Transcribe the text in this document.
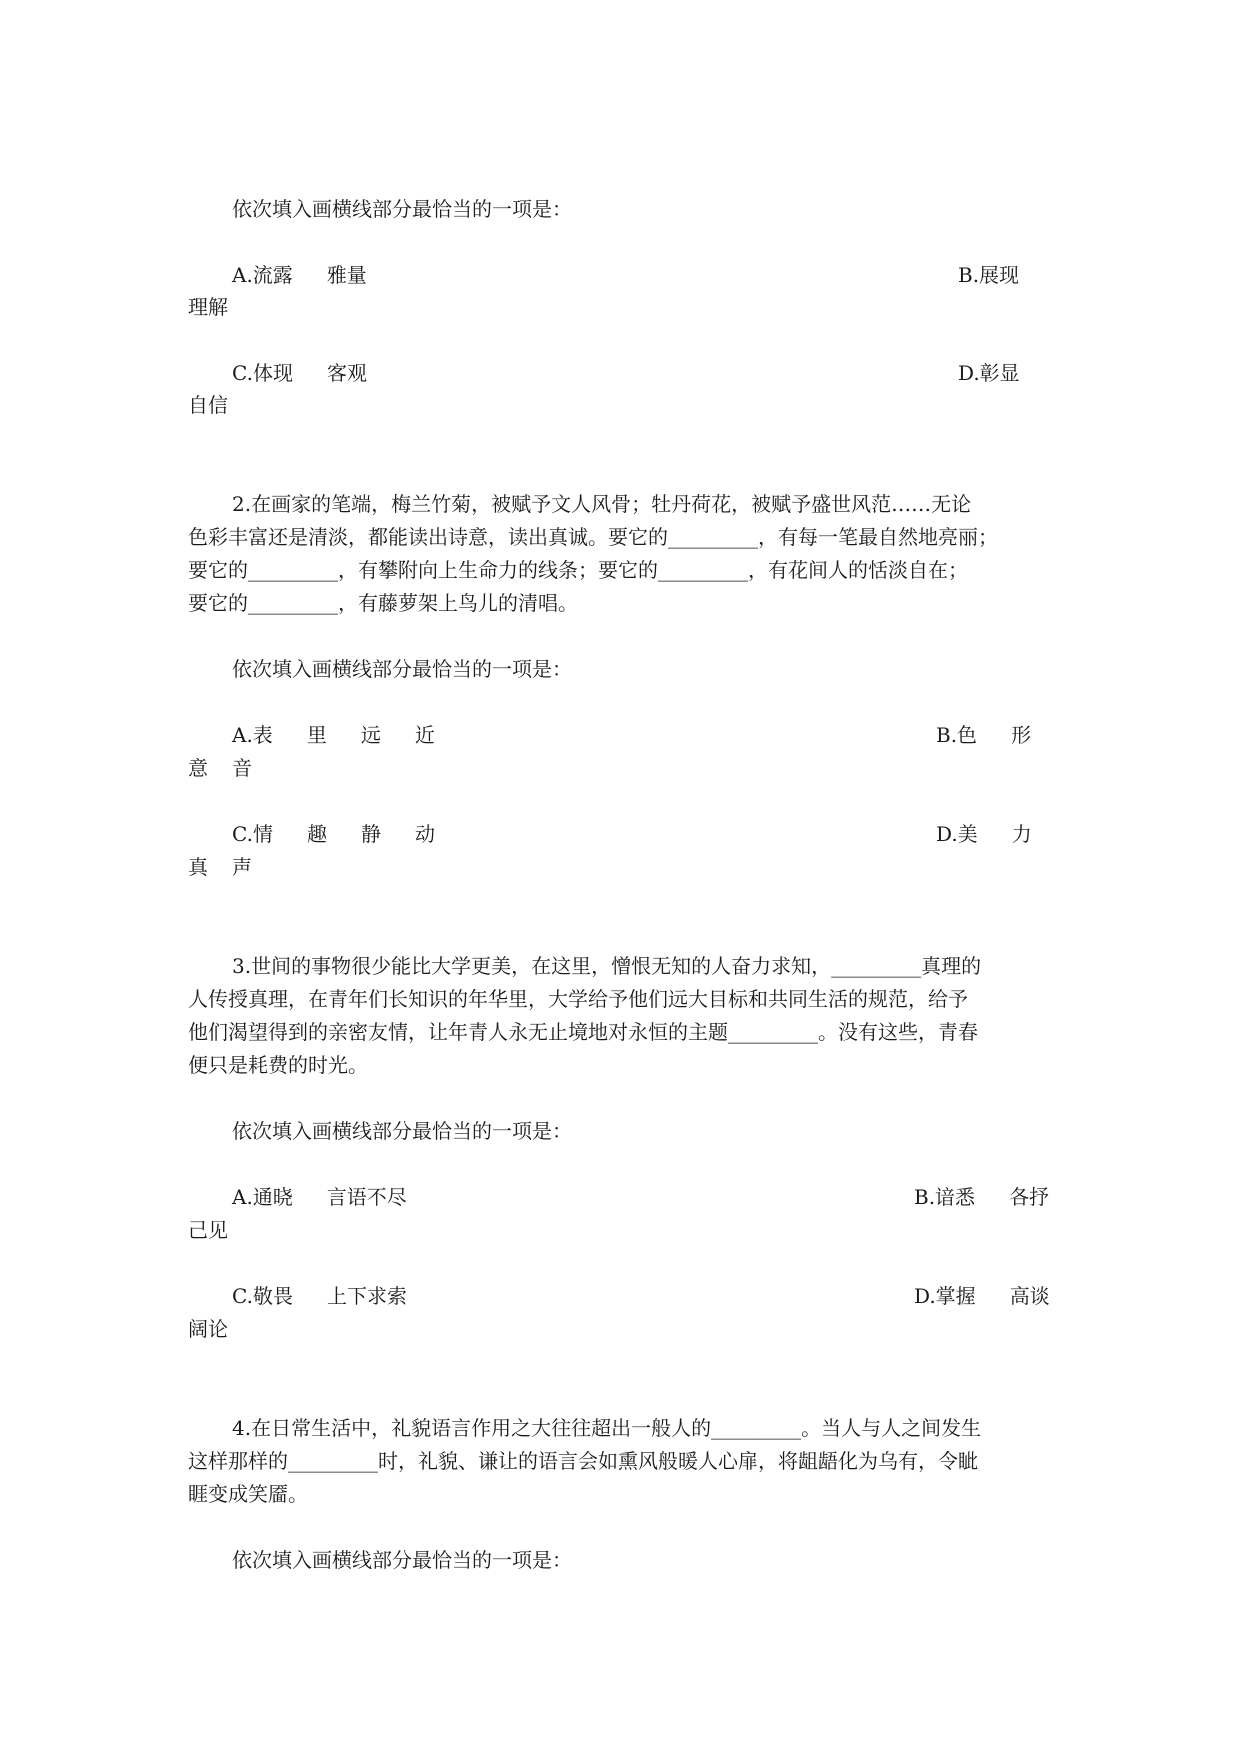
依次填入画横线部分最恰当的一项是：
A.流露 雅量	B.展现
理解
C.体现 客观	D.彰显
自信
2.在画家的笔端，梅兰竹菊，被赋予文人风骨；牡丹荷花，被赋予盛世风范……无论
色彩丰富还是清淡，都能读出诗意，读出真诚。要它的_________，有每一笔最自然地亮丽；
要它的_________，有攀附向上生命力的线条；要它的_________，有花间人的恬淡自在；
要它的_________，有藤萝架上鸟儿的清唱。
依次填入画横线部分最恰当的一项是：
A.表 里 远 近	B.色 形
意 音
C.情 趣 静 动	D.美 力
真 声
3.世间的事物很少能比大学更美，在这里，憎恨无知的人奋力求知，_________真理的
人传授真理，在青年们长知识的年华里，大学给予他们远大目标和共同生活的规范，给予
他们渴望得到的亲密友情，让年青人永无止境地对永恒的主题_________。没有这些，青春
便只是耗费的时光。
依次填入画横线部分最恰当的一项是：
A.通晓 言语不尽	B.谙悉 各抒
己见
C.敬畏 上下求索	D.掌握 高谈
阔论
4.在日常生活中，礼貌语言作用之大往往超出一般人的_________。当人与人之间发生
这样那样的_________时，礼貌、谦让的语言会如熏风般暖人心扉，将龃龉化为乌有，令眦
睚变成笑靥。
依次填入画横线部分最恰当的一项是：
